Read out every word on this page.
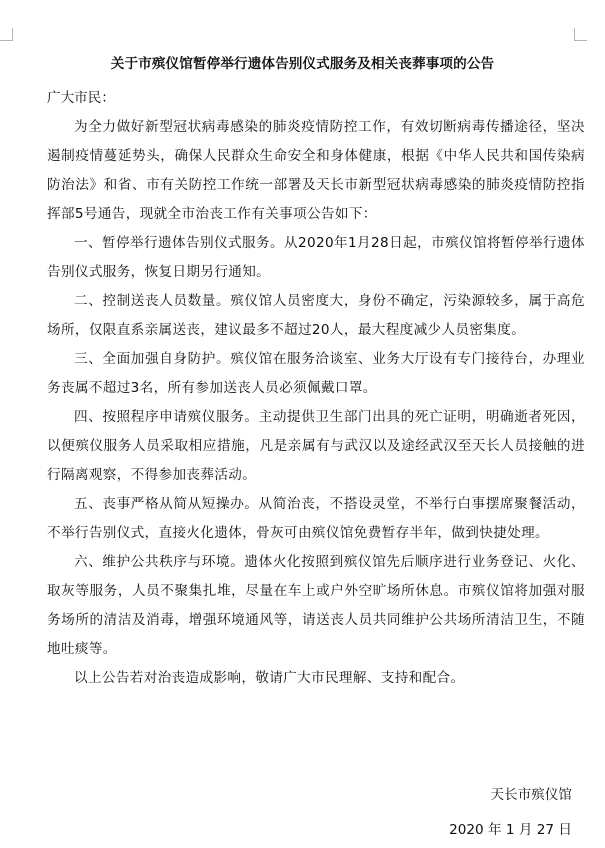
关于市殡仪馆暂停举行遗体告别仪式服务及相关丧葬事项的公告

广大市民：

为全力做好新型冠状病毒感染的肺炎疫情防控工作，有效切断病毒传播途径，坚决遏制疫情蔓延势头，确保人民群众生命安全和身体健康，根据《中华人民共和国传染病防治法》和省、市有关防控工作统一部署及天长市新型冠状病毒感染的肺炎疫情防控指挥部5号通告，现就全市治丧工作有关事项公告如下：

一、暂停举行遗体告别仪式服务。从2020年1月28日起，市殡仪馆将暂停举行遗体告别仪式服务，恢复日期另行通知。

二、控制送丧人员数量。殡仪馆人员密度大，身份不确定，污染源较多，属于高危场所，仅限直系亲属送丧，建议最多不超过20人，最大程度减少人员密集度。

三、全面加强自身防护。殡仪馆在服务洽谈室、业务大厅设有专门接待台，办理业务丧属不超过3名，所有参加送丧人员必须佩戴口罩。

四、按照程序申请殡仪服务。主动提供卫生部门出具的死亡证明，明确逝者死因，以便殡仪服务人员采取相应措施，凡是亲属有与武汉以及途经武汉至天长人员接触的进行隔离观察，不得参加丧葬活动。

五、丧事严格从简从短操办。从简治丧，不搭设灵堂，不举行白事摆席聚餐活动，不举行告别仪式，直接火化遗体，骨灰可由殡仪馆免费暂存半年，做到快捷处理。

六、维护公共秩序与环境。遗体火化按照到殡仪馆先后顺序进行业务登记、火化、取灰等服务，人员不聚集扎堆，尽量在车上或户外空旷场所休息。市殡仪馆将加强对服务场所的清洁及消毒，增强环境通风等，请送丧人员共同维护公共场所清洁卫生，不随地吐痰等。

以上公告若对治丧造成影响，敬请广大市民理解、支持和配合。

天长市殡仪馆
2020 年 1 月 27 日
